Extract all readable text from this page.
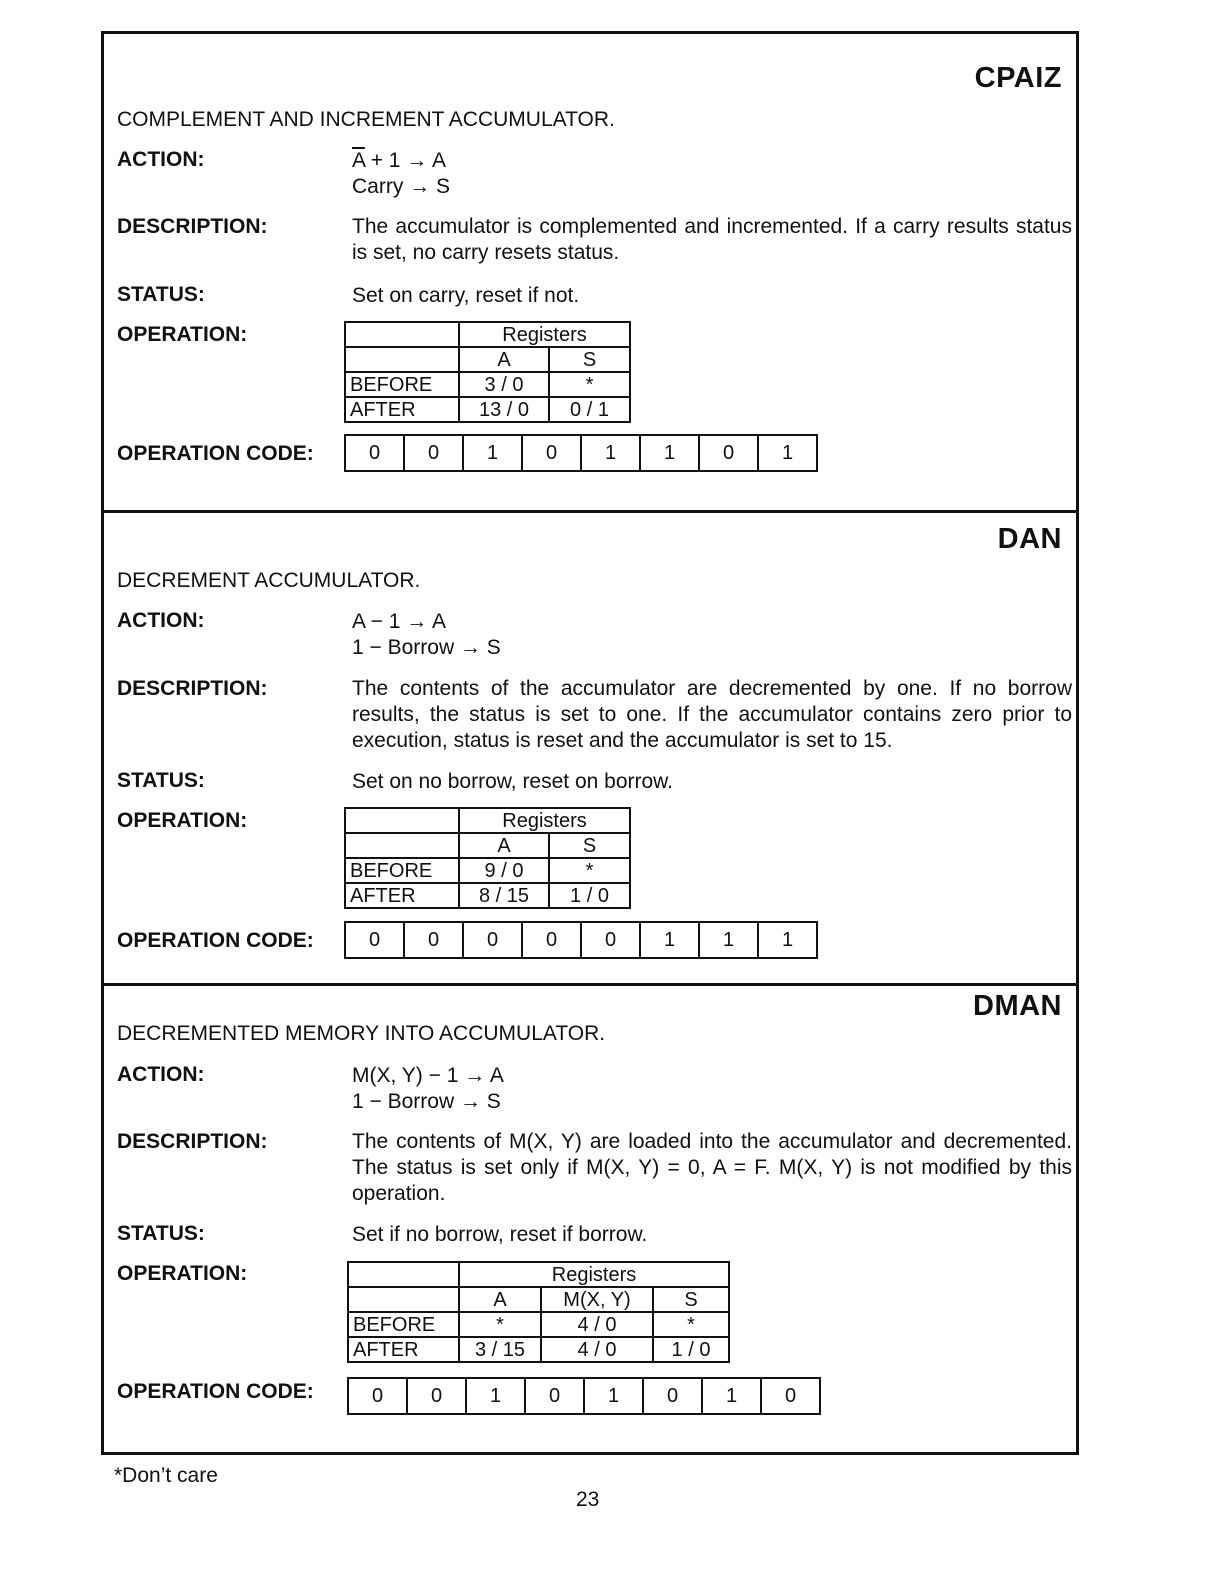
CPAIZ
COMPLEMENT AND INCREMENT ACCUMULATOR.
ACTION:	$\overline{A} + 1 \to A$
Carry → S
DESCRIPTION:	The accumulator is complemented and incremented. If a carry results status is set, no carry resets status.
STATUS:	Set on carry, reset if not.
OPERATION:
		Registers	
	A	S
BEFORE	3 / 0	*
AFTER	13 / 0	0 / 1
OPERATION CODE:	0	0	1	0	1	1	0	1
DAN
DECREMENT ACCUMULATOR.
ACTION:	A − 1 → A
1 − Borrow → S
DESCRIPTION:	The contents of the accumulator are decremented by one. If no borrow results, the status is set to one. If the accumulator contains zero prior to execution, status is reset and the accumulator is set to 15.
STATUS:	Set on no borrow, reset on borrow.
OPERATION:
		Registers	
	A	S
BEFORE	9 / 0	*
AFTER	8 / 15	1 / 0
OPERATION CODE:	0	0	0	0	0	1	1	1
DMAN
DECREMENTED MEMORY INTO ACCUMULATOR.
ACTION:	M(X, Y) − 1 → A
1 − Borrow → S
DESCRIPTION:	The contents of M(X, Y) are loaded into the accumulator and decremented. The status is set only if M(X, Y) = 0, A = F. M(X, Y) is not modified by this operation.
STATUS:	Set if no borrow, reset if borrow.
OPERATION:
		Registers		
	A	M(X, Y)	S
BEFORE	*	4 / 0	*
AFTER	3 / 15	4 / 0	1 / 0
OPERATION CODE:	0	0	1	0	1	0	1	0
*Don’t care
23
